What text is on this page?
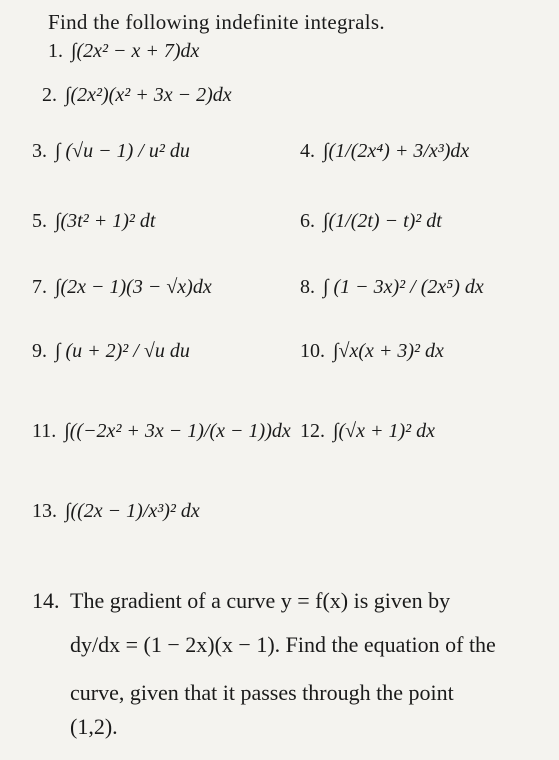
Find the following indefinite integrals.
1. ∫(2x² − x + 7)dx
2. ∫(2x²)(x² + 3x − 2)dx
3. ∫ (√u − 1) / u² du	4. ∫(1/(2x⁴) + 3/x³)dx
5. ∫(3t² + 1)² dt	6. ∫(1/(2t) − t)² dt
7. ∫(2x − 1)(3 − √x)dx	8. ∫ (1 − 3x)² / (2x⁵) dx
9. ∫ (u + 2)² / √u du	10. ∫√x(x + 3)² dx
11. ∫((−2x² + 3x − 1)/(x − 1))dx 12. ∫(√x + 1)² dx
13. ∫((2x − 1)/x³)² dx
14. The gradient of a curve y = f(x) is given by
dy/dx = (1 − 2x)(x − 1). Find the equation of the
curve, given that it passes through the point
(1,2).
